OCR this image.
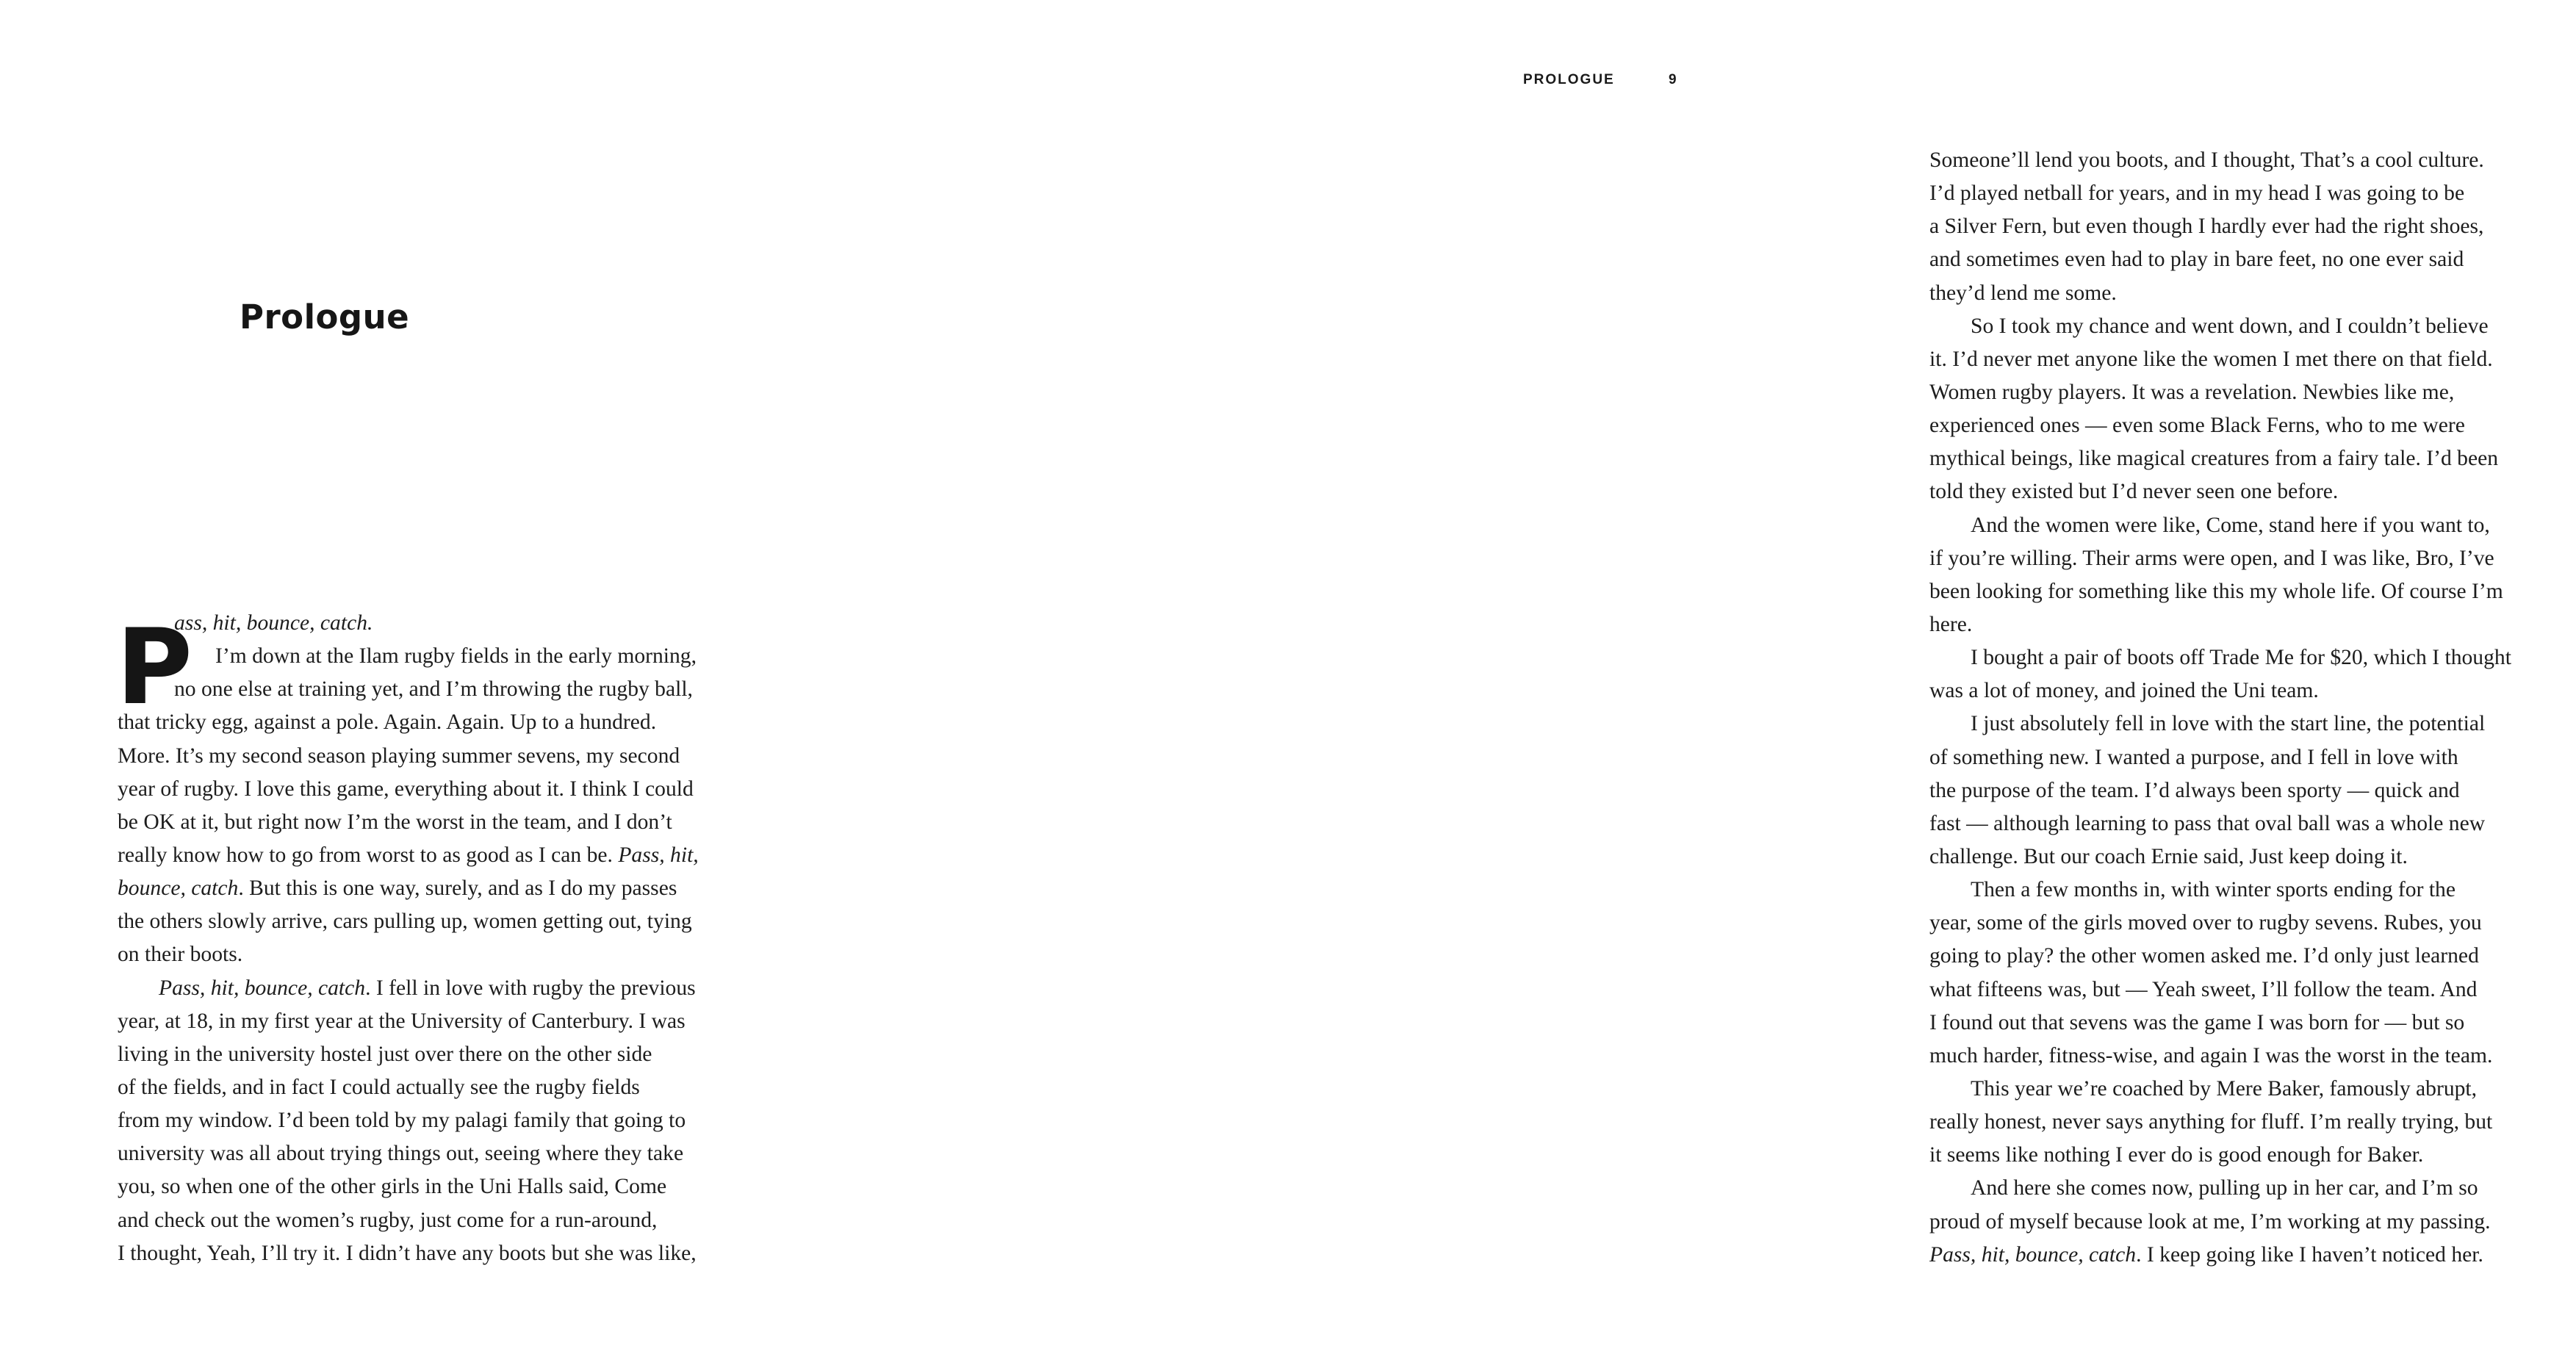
Prologue
P
ass, hit, bounce, catch.
I’m down at the Ilam rugby fields in the early morning,
no one else at training yet, and I’m throwing the rugby ball,
that tricky egg, against a pole. Again. Again. Up to a hundred.
More. It’s my second season playing summer sevens, my second
year of rugby. I love this game, everything about it. I think I could
be OK at it, but right now I’m the worst in the team, and I don’t
really know how to go from worst to as good as I can be. Pass, hit,
bounce, catch. But this is one way, surely, and as I do my passes
the others slowly arrive, cars pulling up, women getting out, tying
on their boots.
Pass, hit, bounce, catch. I fell in love with rugby the previous
year, at 18, in my first year at the University of Canterbury. I was
living in the university hostel just over there on the other side
of the fields, and in fact I could actually see the rugby fields
from my window. I’d been told by my palagi family that going to
university was all about trying things out, seeing where they take
you, so when one of the other girls in the Uni Halls said, Come
and check out the women’s rugby, just come for a run-around,
I thought, Yeah, I’ll try it. I didn’t have any boots but she was like,
PROLOGUE	9
Someone’ll lend you boots, and I thought, That’s a cool culture.
I’d played netball for years, and in my head I was going to be
a Silver Fern, but even though I hardly ever had the right shoes,
and sometimes even had to play in bare feet, no one ever said
they’d lend me some.
So I took my chance and went down, and I couldn’t believe
it. I’d never met anyone like the women I met there on that field.
Women rugby players. It was a revelation. Newbies like me,
experienced ones — even some Black Ferns, who to me were
mythical beings, like magical creatures from a fairy tale. I’d been
told they existed but I’d never seen one before.
And the women were like, Come, stand here if you want to,
if you’re willing. Their arms were open, and I was like, Bro, I’ve
been looking for something like this my whole life. Of course I’m
here.
I bought a pair of boots off Trade Me for $20, which I thought
was a lot of money, and joined the Uni team.
I just absolutely fell in love with the start line, the potential
of something new. I wanted a purpose, and I fell in love with
the purpose of the team. I’d always been sporty — quick and
fast — although learning to pass that oval ball was a whole new
challenge. But our coach Ernie said, Just keep doing it.
Then a few months in, with winter sports ending for the
year, some of the girls moved over to rugby sevens. Rubes, you
going to play? the other women asked me. I’d only just learned
what fifteens was, but — Yeah sweet, I’ll follow the team. And
I found out that sevens was the game I was born for — but so
much harder, fitness-wise, and again I was the worst in the team.
This year we’re coached by Mere Baker, famously abrupt,
really honest, never says anything for fluff. I’m really trying, but
it seems like nothing I ever do is good enough for Baker.
And here she comes now, pulling up in her car, and I’m so
proud of myself because look at me, I’m working at my passing.
Pass, hit, bounce, catch. I keep going like I haven’t noticed her.
